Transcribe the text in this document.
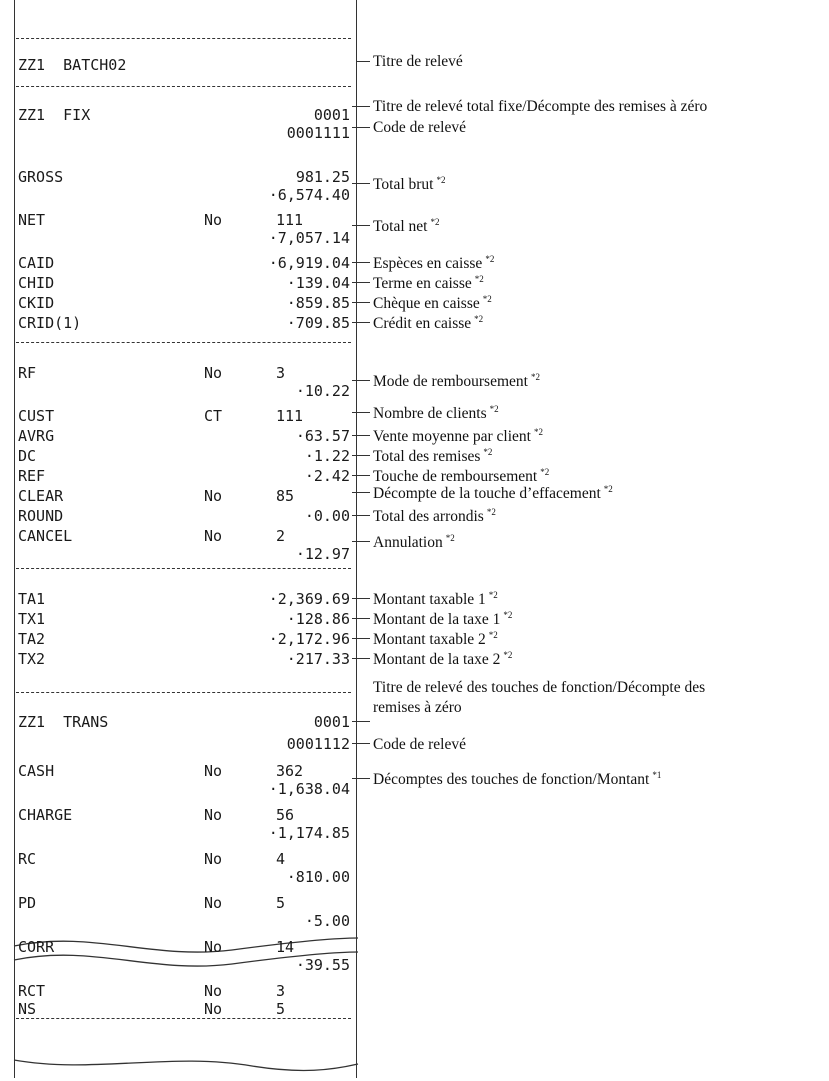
ZZ1  BATCH02
ZZ1  FIX	0001
0001111
GROSS	981.25
·6,574.40
NET	No	111
·7,057.14
CAID	·6,919.04
CHID	·139.04
CKID	·859.85
CRID(1)	·709.85
RF	No	3
·10.22
CUST	CT	111
AVRG	·63.57
DC	·1.22
REF	·2.42
CLEAR	No	85
ROUND	·0.00
CANCEL	No	2
·12.97
TA1	·2,369.69
TX1	·128.86
TA2	·2,172.96
TX2	·217.33
ZZ1  TRANS	0001
0001112
CASH	No	362
·1,638.04
CHARGE	No	56
·1,174.85
RC	No	4
·810.00
PD	No	5
·5.00
CORR	No	14
·39.55
RCT	No	3
NS	No	5
Titre de relevé
Titre de relevé total fixe/Décompte des remises à zéro
Code de relevé
Total brut $^{*2}$
Total net $^{*2}$
Espèces en caisse $^{*2}$
Terme en caisse $^{*2}$
Chèque en caisse $^{*2}$
Crédit en caisse $^{*2}$
Mode de remboursement $^{*2}$
Nombre de clients $^{*2}$
Vente moyenne par client $^{*2}$
Total des remises $^{*2}$
Touche de remboursement $^{*2}$
Décompte de la touche d’effacement $^{*2}$
Total des arrondis $^{*2}$
Annulation $^{*2}$
Montant taxable 1 $^{*2}$
Montant de la taxe 1 $^{*2}$
Montant taxable 2 $^{*2}$
Montant de la taxe 2 $^{*2}$
Titre de relevé des touches de fonction/Décompte des
remises à zéro
Code de relevé
Décomptes des touches de fonction/Montant $^{*1}$
